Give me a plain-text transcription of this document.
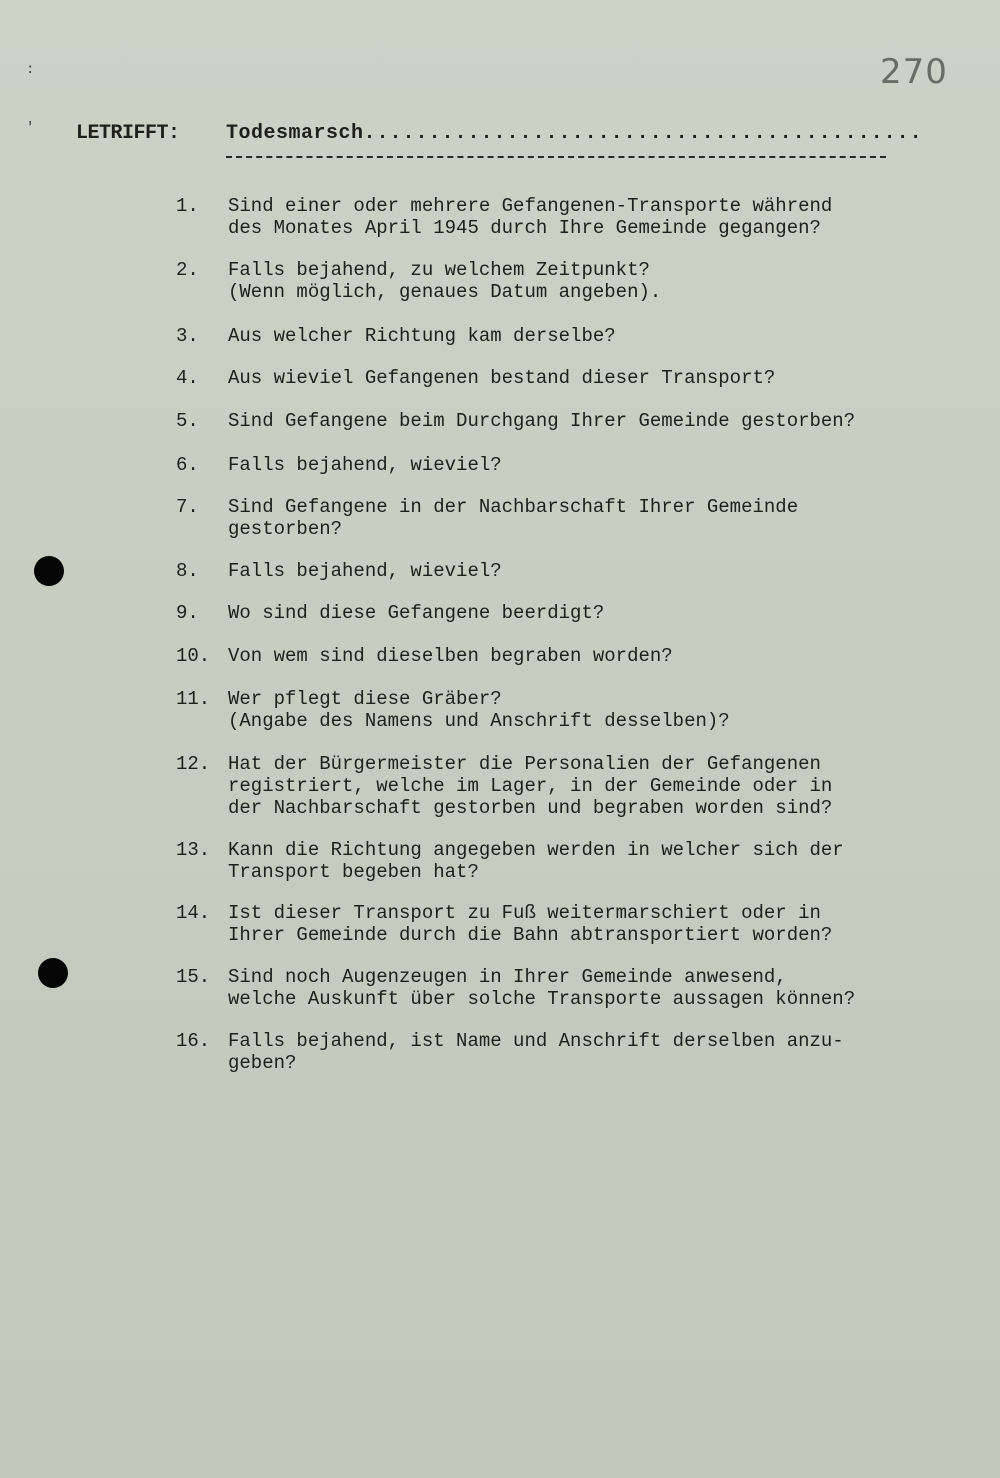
270
:
' LETRIFFT: Todesmarsch...........................................
1. Sind einer oder mehrere Gefangenen-Transporte während
des Monates April 1945 durch Ihre Gemeinde gegangen?
2. Falls bejahend, zu welchem Zeitpunkt?
(Wenn möglich, genaues Datum angeben).
3. Aus welcher Richtung kam derselbe?
4. Aus wieviel Gefangenen bestand dieser Transport?
5. Sind Gefangene beim Durchgang Ihrer Gemeinde gestorben?
6. Falls bejahend, wieviel?
7. Sind Gefangene in der Nachbarschaft Ihrer Gemeinde
gestorben?
8. Falls bejahend, wieviel?
9. Wo sind diese Gefangene beerdigt?
10. Von wem sind dieselben begraben worden?
11. Wer pflegt diese Gräber?
(Angabe des Namens und Anschrift desselben)?
12. Hat der Bürgermeister die Personalien der Gefangenen
registriert, welche im Lager, in der Gemeinde oder in
der Nachbarschaft gestorben und begraben worden sind?
13. Kann die Richtung angegeben werden in welcher sich der
Transport begeben hat?
14. Ist dieser Transport zu Fuß weitermarschiert oder in
Ihrer Gemeinde durch die Bahn abtransportiert worden?
15. Sind noch Augenzeugen in Ihrer Gemeinde anwesend,
welche Auskunft über solche Transporte aussagen können?
16. Falls bejahend, ist Name und Anschrift derselben anzu-
geben?
